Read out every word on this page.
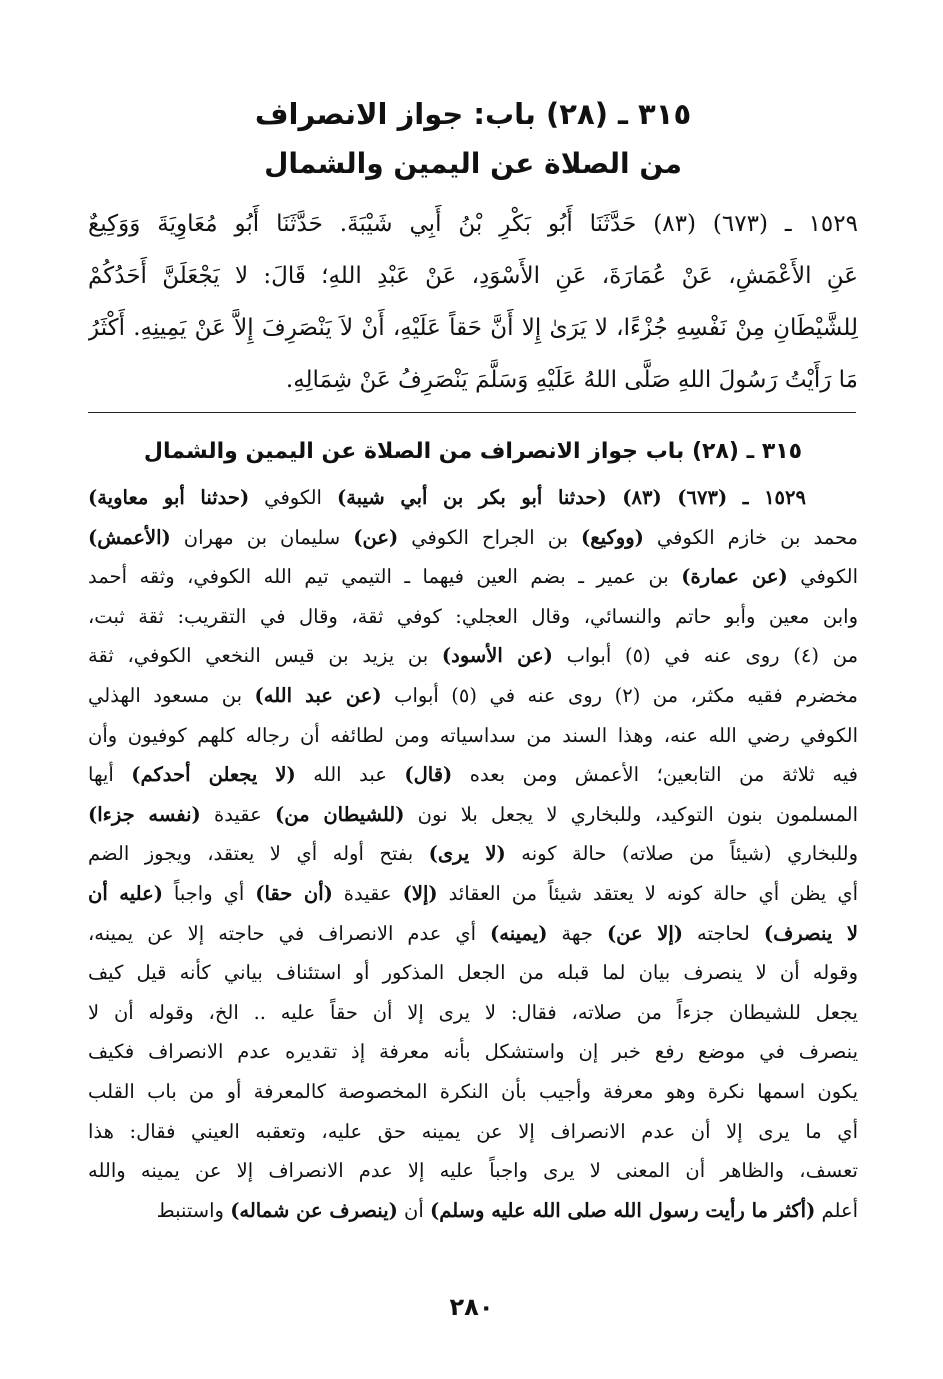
٣١٥ ـ (٢٨) باب: جواز الانصراف
من الصلاة عن اليمين والشمال
١٥٢٩ ـ (٦٧٣) (٨٣) حَدَّثَنَا أَبُو بَكْرِ بْنُ أَبِي شَيْبَةَ. حَدَّثَنَا أَبُو مُعَاوِيَةَ وَوَكِيعٌ
عَنِ الأَعْمَشِ، عَنْ عُمَارَةَ، عَنِ الأَسْوَدِ، عَنْ عَبْدِ اللهِ؛ قَالَ: لا يَجْعَلَنَّ أَحَدُكُمْ
لِلشَّيْطَانِ مِنْ نَفْسِهِ جُزْءًا، لا يَرَىٰ إِلا أَنَّ حَقاً عَلَيْهِ، أَنْ لاَ يَنْصَرِفَ إِلاَّ عَنْ يَمِينِهِ. أَكْثَرُ
مَا رَأَيْتُ رَسُولَ اللهِ صَلَّى اللهُ عَلَيْهِ وَسَلَّمَ يَنْصَرِفُ عَنْ شِمَالِهِ.
٣١٥ ـ (٢٨) باب جواز الانصراف من الصلاة عن اليمين والشمال
١٥٢٩ ـ (٦٧٣) (٨٣) (حدثنا أبو بكر بن أبي شيبة) الكوفي (حدثنا أبو معاوية)
محمد بن خازم الكوفي (ووكيع) بن الجراح الكوفي (عن) سليمان بن مهران (الأعمش)
الكوفي (عن عمارة) بن عمير ـ بضم العين فيهما ـ التيمي تيم الله الكوفي، وثقه أحمد
وابن معين وأبو حاتم والنسائي، وقال العجلي: كوفي ثقة، وقال في التقريب: ثقة ثبت،
من (٤) روى عنه في (٥) أبواب (عن الأسود) بن يزيد بن قيس النخعي الكوفي، ثقة
مخضرم فقيه مكثر، من (٢) روى عنه في (٥) أبواب (عن عبد الله) بن مسعود الهذلي
الكوفي رضي الله عنه، وهذا السند من سداسياته ومن لطائفه أن رجاله كلهم كوفيون وأن
فيه ثلاثة من التابعين؛ الأعمش ومن بعده (قال) عبد الله (لا يجعلن أحدكم) أيها
المسلمون بنون التوكيد، وللبخاري لا يجعل بلا نون (للشيطان من) عقيدة (نفسه جزءا)
وللبخاري (شيئاً من صلاته) حالة كونه (لا يرى) بفتح أوله أي لا يعتقد، ويجوز الضم
أي يظن أي حالة كونه لا يعتقد شيئاً من العقائد (إلا) عقيدة (أن حقا) أي واجباً (عليه أن
لا ينصرف) لحاجته (إلا عن) جهة (يمينه) أي عدم الانصراف في حاجته إلا عن يمينه،
وقوله أن لا ينصرف بيان لما قبله من الجعل المذكور أو استئناف بياني كأنه قيل كيف
يجعل للشيطان جزءاً من صلاته، فقال: لا يرى إلا أن حقاً عليه .. الخ، وقوله أن لا
ينصرف في موضع رفع خبر إن واستشكل بأنه معرفة إذ تقديره عدم الانصراف فكيف
يكون اسمها نكرة وهو معرفة وأجيب بأن النكرة المخصوصة كالمعرفة أو من باب القلب
أي ما يرى إلا أن عدم الانصراف إلا عن يمينه حق عليه، وتعقبه العيني فقال: هذا
تعسف، والظاهر أن المعنى لا يرى واجباً عليه إلا عدم الانصراف إلا عن يمينه والله
أعلم (أكثر ما رأيت رسول الله صلى الله عليه وسلم) أن (ينصرف عن شماله) واستنبط
٢٨٠
